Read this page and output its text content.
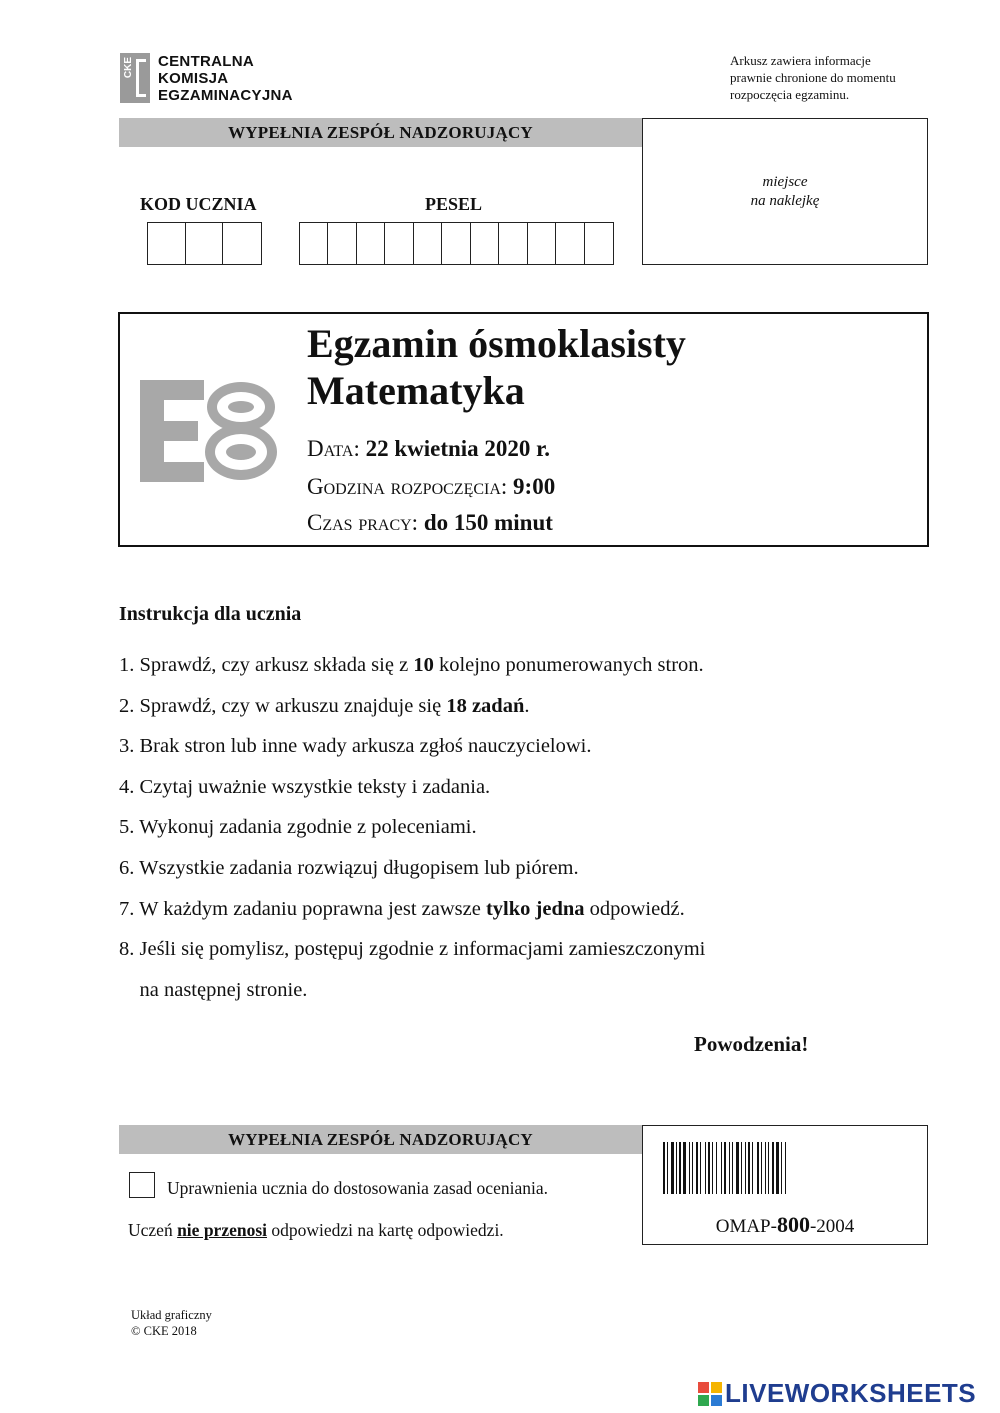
CKE CENTRALNA
KOMISJA
EGZAMINACYJNA
Arkusz zawiera informacje
prawnie chronione do momentu
rozpoczęcia egzaminu.
WYPEŁNIA ZESPÓŁ NADZORUJĄCY
miejsce
na naklejkę
KOD UCZNIA	PESEL
Egzamin ósmoklasisty
Matematyka
Data: 22 kwietnia 2020 r.
Godzina rozpoczęcia: 9:00
Czas pracy: do 150 minut
Instrukcja dla ucznia
1. Sprawdź, czy arkusz składa się z 10 kolejno ponumerowanych stron.
2. Sprawdź, czy w arkuszu znajduje się 18 zadań.
3. Brak stron lub inne wady arkusza zgłoś nauczycielowi.
4. Czytaj uważnie wszystkie teksty i zadania.
5. Wykonuj zadania zgodnie z poleceniami.
6. Wszystkie zadania rozwiązuj długopisem lub piórem.
7. W każdym zadaniu poprawna jest zawsze tylko jedna odpowiedź.
8. Jeśli się pomylisz, postępuj zgodnie z informacjami zamieszczonymi
na następnej stronie.
Powodzenia!
WYPEŁNIA ZESPÓŁ NADZORUJĄCY
Uprawnienia ucznia do dostosowania zasad oceniania.
Uczeń nie przenosi odpowiedzi na kartę odpowiedzi.	OMAP-800-2004
Układ graficzny
© CKE 2018
LIVEWORKSHEETS
